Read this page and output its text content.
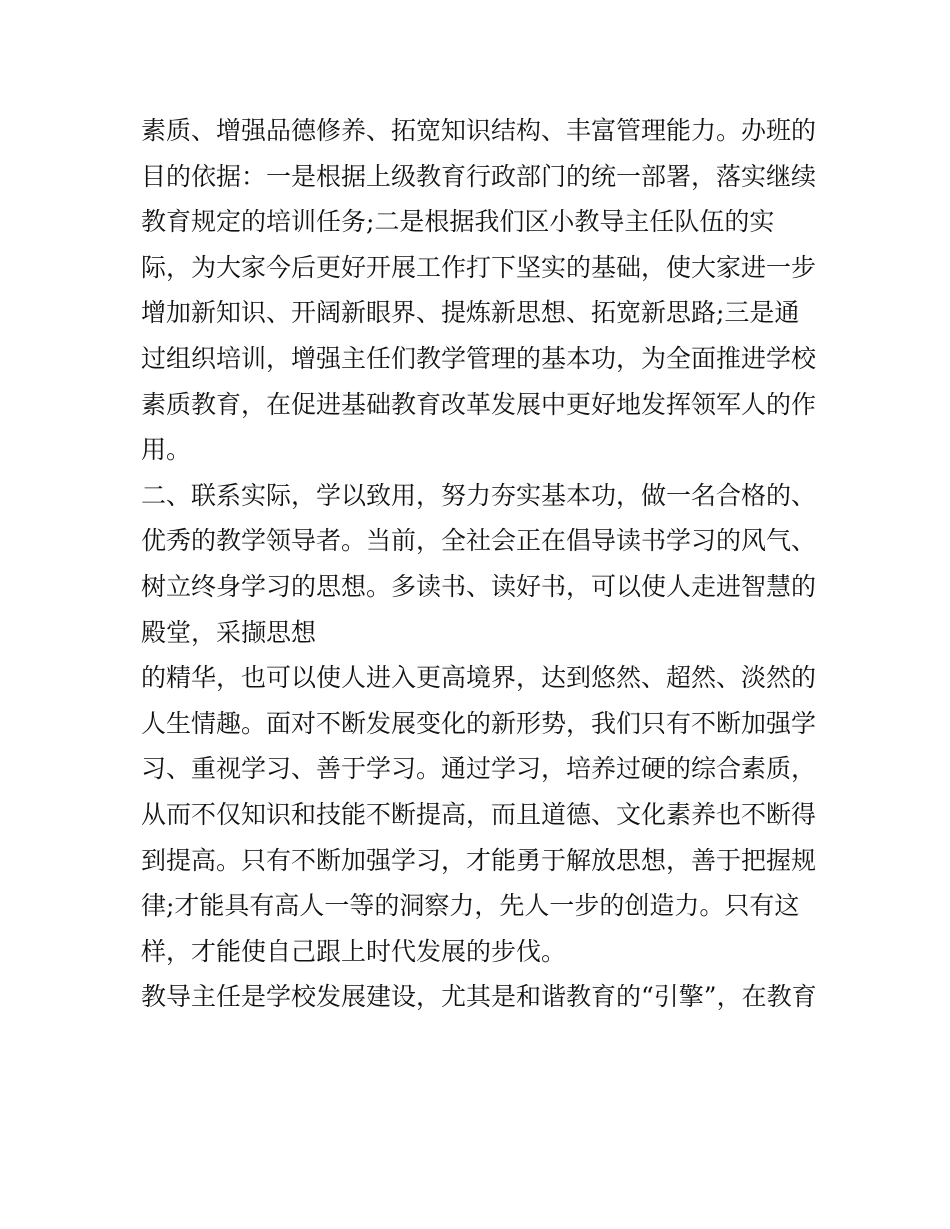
素质、增强品德修养、拓宽知识结构、丰富管理能力。办班的
目的依据：一是根据上级教育行政部门的统一部署，落实继续
教育规定的培训任务;二是根据我们区小教导主任队伍的实
际，为大家今后更好开展工作打下坚实的基础，使大家进一步
增加新知识、开阔新眼界、提炼新思想、拓宽新思路;三是通
过组织培训，增强主任们教学管理的基本功，为全面推进学校
素质教育，在促进基础教育改革发展中更好地发挥领军人的作
用。
二、联系实际，学以致用，努力夯实基本功，做一名合格的、
优秀的教学领导者。当前，全社会正在倡导读书学习的风气、
树立终身学习的思想。多读书、读好书，可以使人走进智慧的
殿堂，采撷思想
的精华，也可以使人进入更高境界，达到悠然、超然、淡然的
人生情趣。面对不断发展变化的新形势，我们只有不断加强学
习、重视学习、善于学习。通过学习，培养过硬的综合素质，
从而不仅知识和技能不断提高，而且道德、文化素养也不断得
到提高。只有不断加强学习，才能勇于解放思想，善于把握规
律;才能具有高人一等的洞察力，先人一步的创造力。只有这
样，才能使自己跟上时代发展的步伐。
教导主任是学校发展建设，尤其是和谐教育的“引擎”，在教育
